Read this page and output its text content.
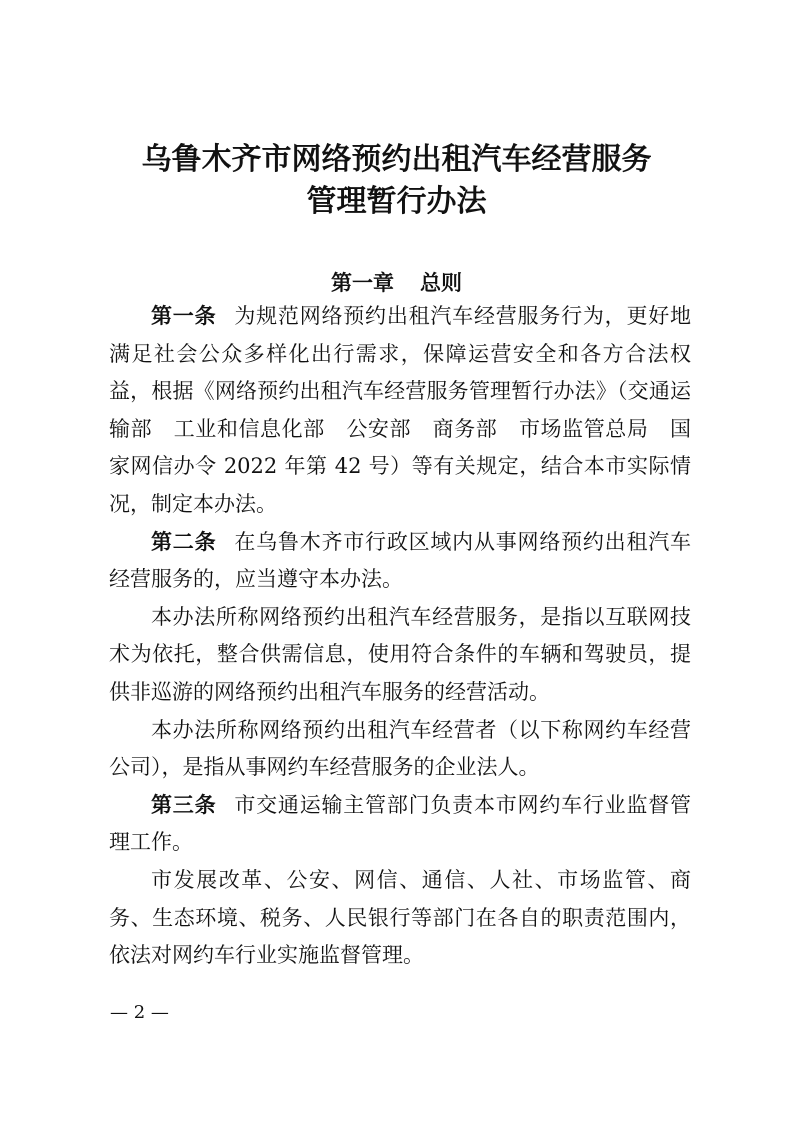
乌鲁木齐市网络预约出租汽车经营服务
管理暂行办法
第一章 总则

第一条 为规范网络预约出租汽车经营服务行为，更好地满足社会公众多样化出行需求，保障运营安全和各方合法权益，根据《网络预约出租汽车经营服务管理暂行办法》（交通运输部　工业和信息化部　公安部　商务部　市场监管总局　国家网信办令 2022 年第 42 号）等有关规定，结合本市实际情况，制定本办法。

第二条 在乌鲁木齐市行政区域内从事网络预约出租汽车经营服务的，应当遵守本办法。

本办法所称网络预约出租汽车经营服务，是指以互联网技术为依托，整合供需信息，使用符合条件的车辆和驾驶员，提供非巡游的网络预约出租汽车服务的经营活动。

本办法所称网络预约出租汽车经营者（以下称网约车经营公司），是指从事网约车经营服务的企业法人。

第三条 市交通运输主管部门负责本市网约车行业监督管理工作。

市发展改革、公安、网信、通信、人社、市场监管、商务、生态环境、税务、人民银行等部门在各自的职责范围内，依法对网约车行业实施监督管理。

— 2 —
